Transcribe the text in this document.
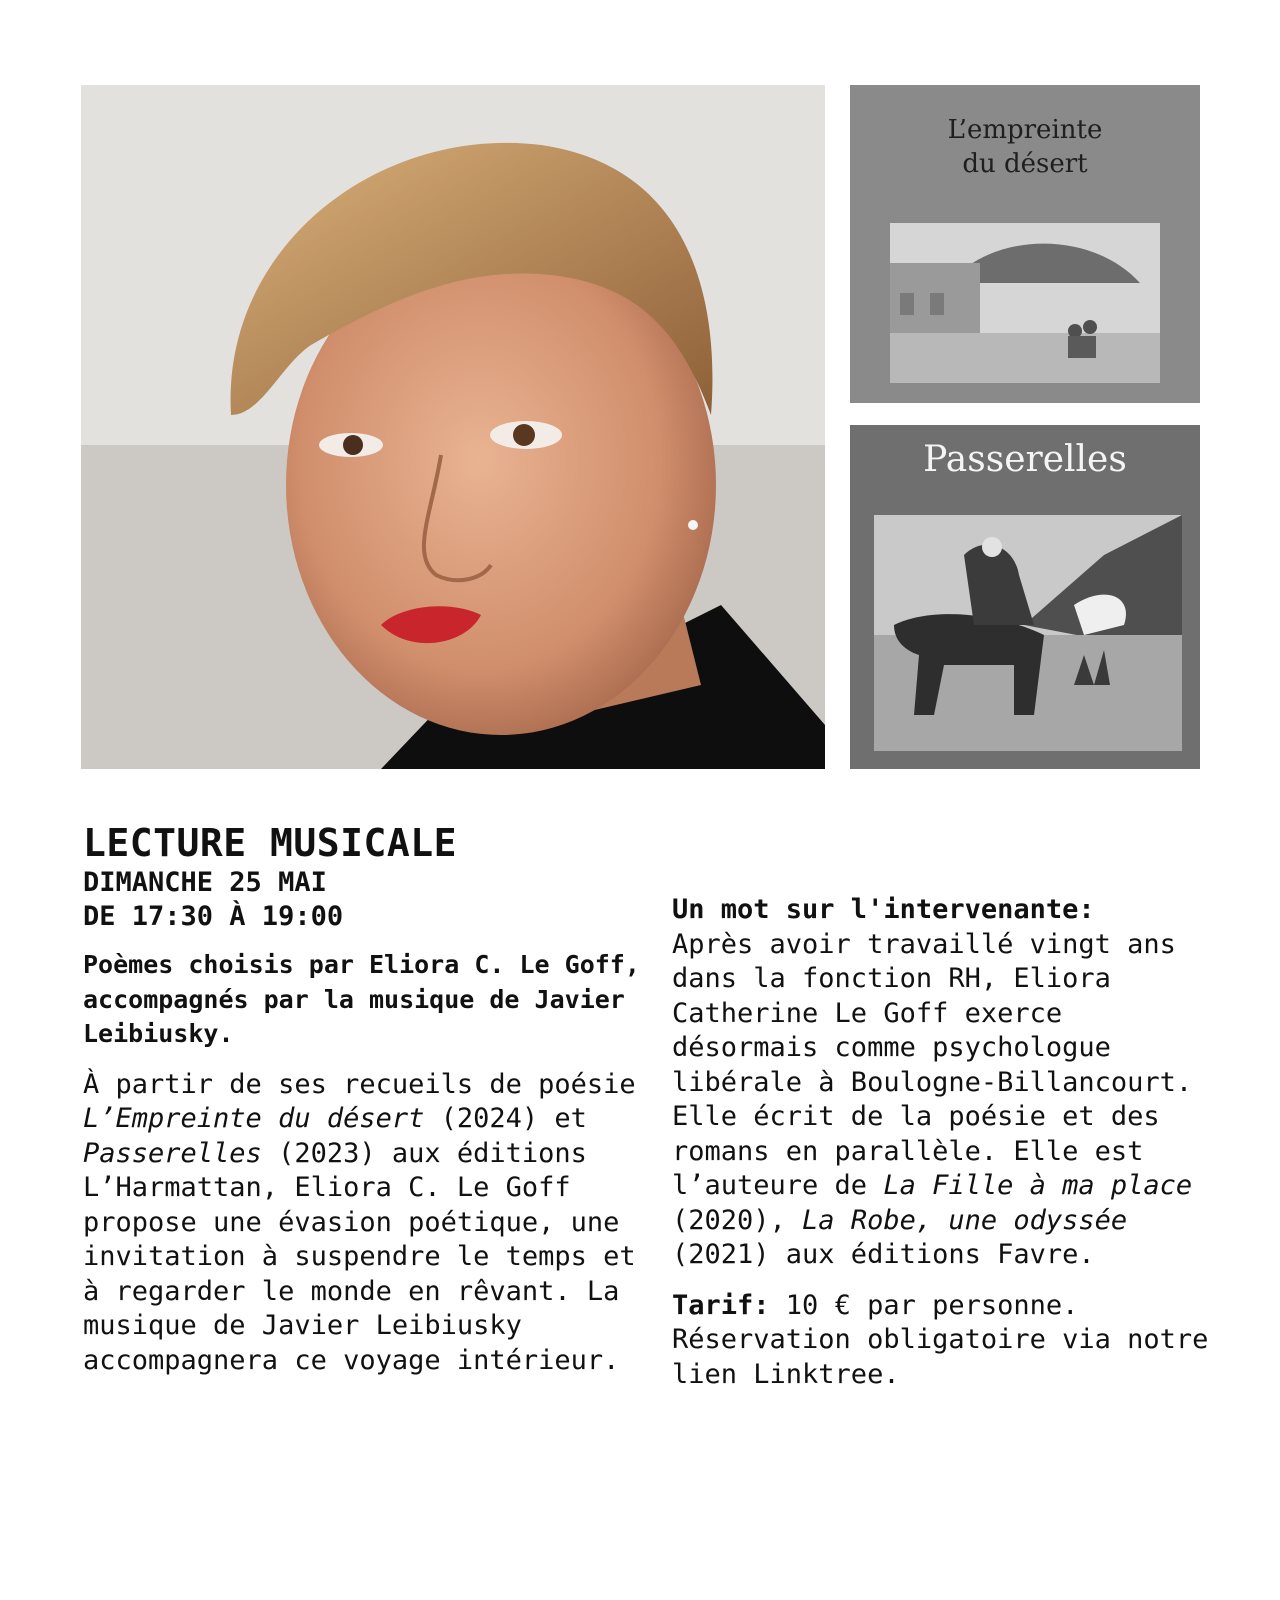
L’empreinte
du désert
Passerelles
LECTURE MUSICALE
DIMANCHE 25 MAI
DE 17:30 À 19:00
Poèmes choisis par Eliora C. Le Goff, accompagnés par la musique de Javier Leibiusky.
À partir de ses recueils de poésie L’Empreinte du désert (2024) et Passerelles (2023) aux éditions L’Harmattan, Eliora C. Le Goff propose une évasion poétique, une invitation à suspendre le temps et à regarder le monde en rêvant. La musique de Javier Leibiusky accompagnera ce voyage intérieur.
Un mot sur l'intervenante:
Après avoir travaillé vingt ans dans la fonction RH, Eliora Catherine Le Goff exerce désormais comme psychologue libérale à Boulogne-Billancourt. Elle écrit de la poésie et des romans en parallèle. Elle est l’auteure de La Fille à ma place (2020), La Robe, une odyssée (2021) aux éditions Favre.
Tarif: 10 € par personne. Réservation obligatoire via notre lien Linktree.
